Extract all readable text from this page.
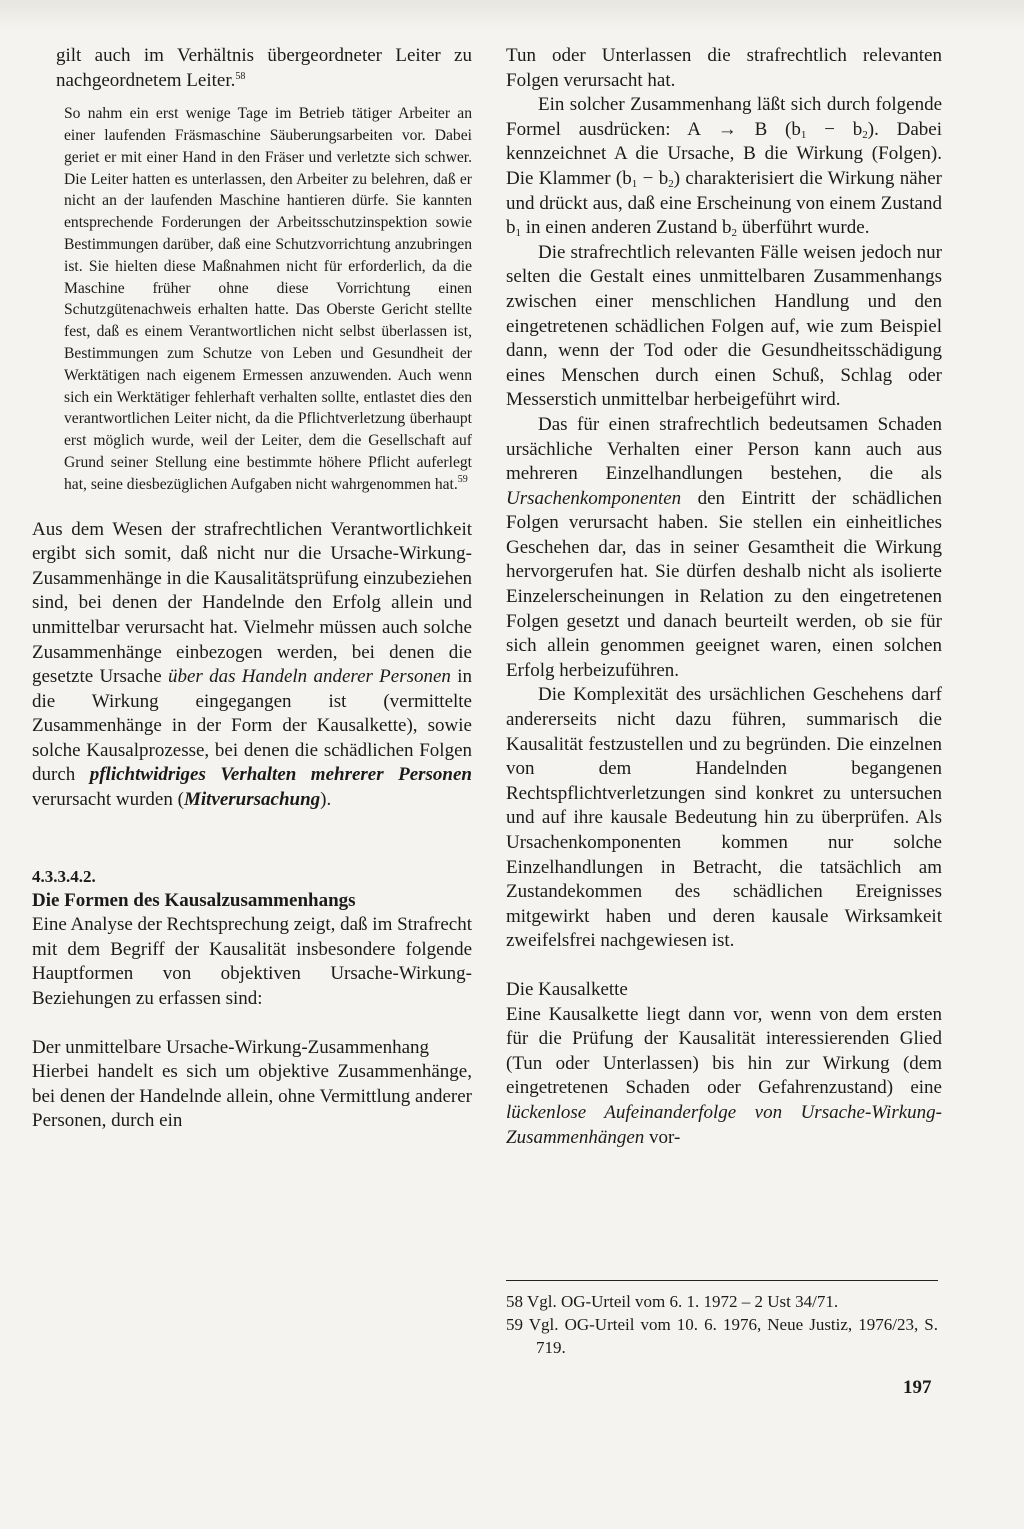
gilt auch im Verhältnis übergeordneter Leiter zu nachgeordnetem Leiter.$^{58}$

So nahm ein erst wenige Tage im Betrieb tätiger Arbeiter an einer laufenden Fräsmaschine Säuberungsarbeiten vor. Dabei geriet er mit einer Hand in den Fräser und verletzte sich schwer. Die Leiter hatten es unterlassen, den Arbeiter zu belehren, daß er nicht an der laufenden Maschine hantieren dürfe. Sie kannten entsprechende Forderungen der Arbeitsschutzinspektion sowie Bestimmungen darüber, daß eine Schutzvorrichtung anzubringen ist. Sie hielten diese Maßnahmen nicht für erforderlich, da die Maschine früher ohne diese Vorrichtung einen Schutzgütenachweis erhalten hatte. Das Oberste Gericht stellte fest, daß es einem Verantwortlichen nicht selbst überlassen ist, Bestimmungen zum Schutze von Leben und Gesundheit der Werktätigen nach eigenem Ermessen anzuwenden. Auch wenn sich ein Werktätiger fehlerhaft verhalten sollte, entlastet dies den verantwortlichen Leiter nicht, da die Pflichtverletzung überhaupt erst möglich wurde, weil der Leiter, dem die Gesellschaft auf Grund seiner Stellung eine bestimmte höhere Pflicht auferlegt hat, seine diesbezüglichen Aufgaben nicht wahrgenommen hat.$^{59}$

Aus dem Wesen der strafrechtlichen Verantwortlichkeit ergibt sich somit, daß nicht nur die Ursache-Wirkung-Zusammenhänge in die Kausalitätsprüfung einzubeziehen sind, bei denen der Handelnde den Erfolg allein und unmittelbar verursacht hat. Vielmehr müssen auch solche Zusammenhänge einbezogen werden, bei denen die gesetzte Ursache über das Handeln anderer Personen in die Wirkung eingegangen ist (vermittelte Zusammenhänge in der Form der Kausalkette), sowie solche Kausalprozesse, bei denen die schädlichen Folgen durch pflichtwidriges Verhalten mehrerer Personen verursacht wurden (Mitverursachung).

4.3.3.4.2.

Die Formen des Kausalzusammenhangs

Eine Analyse der Rechtsprechung zeigt, daß im Strafrecht mit dem Begriff der Kausalität insbesondere folgende Hauptformen von objektiven Ursache-Wirkung-Beziehungen zu erfassen sind:

Der unmittelbare Ursache-Wirkung-Zusammenhang

Hierbei handelt es sich um objektive Zusammenhänge, bei denen der Handelnde allein, ohne Vermittlung anderer Personen, durch ein

Tun oder Unterlassen die strafrechtlich relevanten Folgen verursacht hat.

Ein solcher Zusammenhang läßt sich durch folgende Formel ausdrücken: A → B $(b_1 - b_2)$. Dabei kennzeichnet A die Ursache, B die Wirkung (Folgen). Die Klammer $(b_1 - b_2)$ charakterisiert die Wirkung näher und drückt aus, daß eine Erscheinung von einem Zustand $b_1$ in einen anderen Zustand $b_2$ überführt wurde.

Die strafrechtlich relevanten Fälle weisen jedoch nur selten die Gestalt eines unmittelbaren Zusammenhangs zwischen einer menschlichen Handlung und den eingetretenen schädlichen Folgen auf, wie zum Beispiel dann, wenn der Tod oder die Gesundheitsschädigung eines Menschen durch einen Schuß, Schlag oder Messerstich unmittelbar herbeigeführt wird.

Das für einen strafrechtlich bedeutsamen Schaden ursächliche Verhalten einer Person kann auch aus mehreren Einzelhandlungen bestehen, die als Ursachenkomponenten den Eintritt der schädlichen Folgen verursacht haben. Sie stellen ein einheitliches Geschehen dar, das in seiner Gesamtheit die Wirkung hervorgerufen hat. Sie dürfen deshalb nicht als isolierte Einzelerscheinungen in Relation zu den eingetretenen Folgen gesetzt und danach beurteilt werden, ob sie für sich allein genommen geeignet waren, einen solchen Erfolg herbeizuführen.

Die Komplexität des ursächlichen Geschehens darf andererseits nicht dazu führen, summarisch die Kausalität festzustellen und zu begründen. Die einzelnen von dem Handelnden begangenen Rechtspflichtverletzungen sind konkret zu untersuchen und auf ihre kausale Bedeutung hin zu überprüfen. Als Ursachenkomponenten kommen nur solche Einzelhandlungen in Betracht, die tatsächlich am Zustandekommen des schädlichen Ereignisses mitgewirkt haben und deren kausale Wirksamkeit zweifelsfrei nachgewiesen ist.

Die Kausalkette

Eine Kausalkette liegt dann vor, wenn von dem ersten für die Prüfung der Kausalität interessierenden Glied (Tun oder Unterlassen) bis hin zur Wirkung (dem eingetretenen Schaden oder Gefahrenzustand) eine lückenlose Aufeinanderfolge von Ursache-Wirkung-Zusammenhängen vor-

58 Vgl. OG-Urteil vom 6. 1. 1972 – 2 Ust 34/71.

59 Vgl. OG-Urteil vom 10. 6. 1976, Neue Justiz, 1976/23, S. 719.

197
